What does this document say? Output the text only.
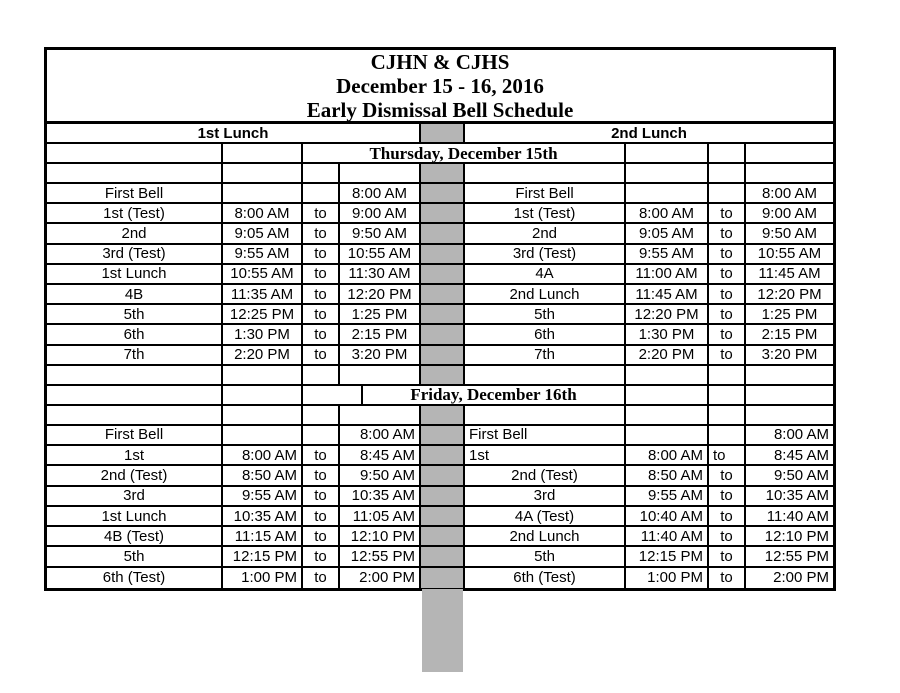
CJHN & CJHS
December 15 - 16, 2016
Early Dismissal Bell Schedule
1st Lunch	2nd Lunch
Thursday, December 15th
First Bell	8:00 AM	First Bell	8:00 AM
1st (Test)	8:00 AM	to	9:00 AM	1st (Test)	8:00 AM	to	9:00 AM
2nd	9:05 AM	to	9:50 AM	2nd	9:05 AM	to	9:50 AM
3rd (Test)	9:55 AM	to	10:55 AM	3rd (Test)	9:55 AM	to	10:55 AM
1st Lunch	10:55 AM	to	11:30 AM	4A	11:00 AM	to	11:45 AM
4B	11:35 AM	to	12:20 PM	2nd Lunch	11:45 AM	to	12:20 PM
5th	12:25 PM	to	1:25 PM	5th	12:20 PM	to	1:25 PM
6th	1:30 PM	to	2:15 PM	6th	1:30 PM	to	2:15 PM
7th	2:20 PM	to	3:20 PM	7th	2:20 PM	to	3:20 PM
Friday, December 16th
First Bell	8:00 AM	First Bell	8:00 AM
1st	8:00 AM	to	8:45 AM	1st	8:00 AM to	8:45 AM
2nd (Test)	8:50 AM	to	9:50 AM	2nd (Test)	8:50 AM	to	9:50 AM
3rd	9:55 AM	to	10:35 AM	3rd	9:55 AM	to	10:35 AM
1st Lunch	10:35 AM	to	11:05 AM	4A (Test)	10:40 AM	to	11:40 AM
4B (Test)	11:15 AM	to	12:10 PM	2nd Lunch	11:40 AM	to	12:10 PM
5th	12:15 PM	to	12:55 PM	5th	12:15 PM	to	12:55 PM
6th (Test)	1:00 PM	to	2:00 PM	6th (Test)	1:00 PM	to	2:00 PM
